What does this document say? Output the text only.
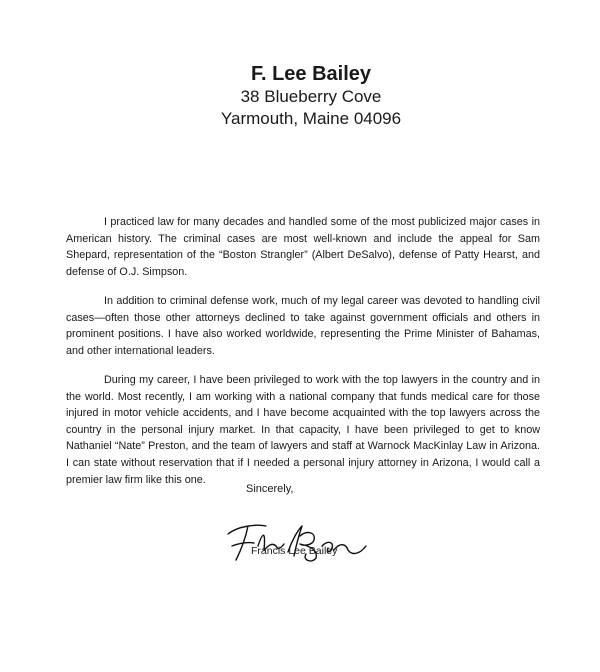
F. Lee Bailey
38 Blueberry Cove
Yarmouth, Maine 04096

I practiced law for many decades and handled some of the most publicized major cases in American history. The criminal cases are most well-known and include the appeal for Sam Shepard, representation of the “Boston Strangler” (Albert DeSalvo), defense of Patty Hearst, and defense of O.J. Simpson.

In addition to criminal defense work, much of my legal career was devoted to handling civil cases—often those other attorneys declined to take against government officials and others in prominent positions. I have also worked worldwide, representing the Prime Minister of Bahamas, and other international leaders.

During my career, I have been privileged to work with the top lawyers in the country and in the world. Most recently, I am working with a national company that funds medical care for those injured in motor vehicle accidents, and I have become acquainted with the top lawyers across the country in the personal injury market. In that capacity, I have been privileged to get to know Nathaniel “Nate” Preston, and the team of lawyers and staff at Warnock MacKinlay Law in Arizona. I can state without reservation that if I needed a personal injury attorney in Arizona, I would call a premier law firm like this one.

Sincerely,
Francis Lee Bailey
